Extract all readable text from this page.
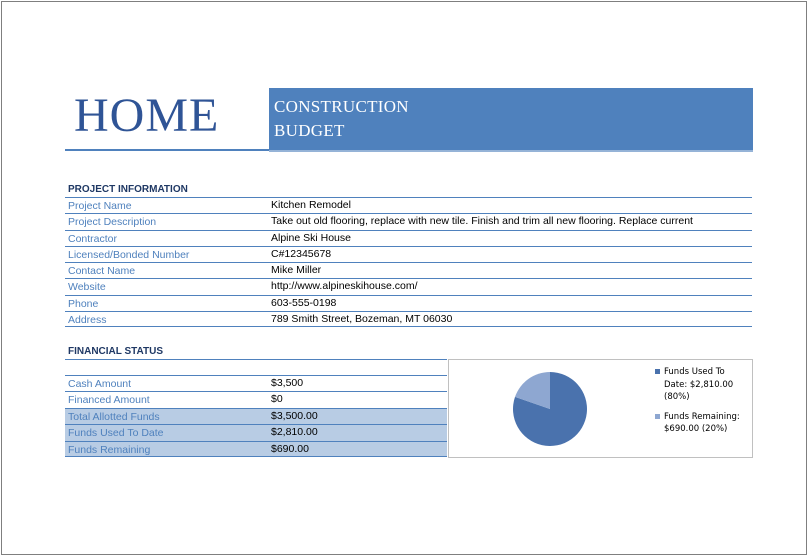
HOME	CONSTRUCTION
BUDGET
PROJECT INFORMATION
Project Name	Kitchen Remodel
Project Description	Take out old flooring, replace with new tile. Finish and trim all new flooring. Replace current
Contractor	Alpine Ski House
Licensed/Bonded Number	C#12345678
Contact Name	Mike Miller
Website	http://www.alpineskihouse.com/
Phone	603-555-0198
Address	789 Smith Street, Bozeman, MT 06030
FINANCIAL STATUS
Cash Amount	$3,500
Financed Amount	$0
Total Allotted Funds	$3,500.00
Funds Used To Date	$2,810.00
Funds Remaining	$690.00
Funds Used To
Date: $2,810.00
(80%)
Funds Remaining:
$690.00 (20%)
